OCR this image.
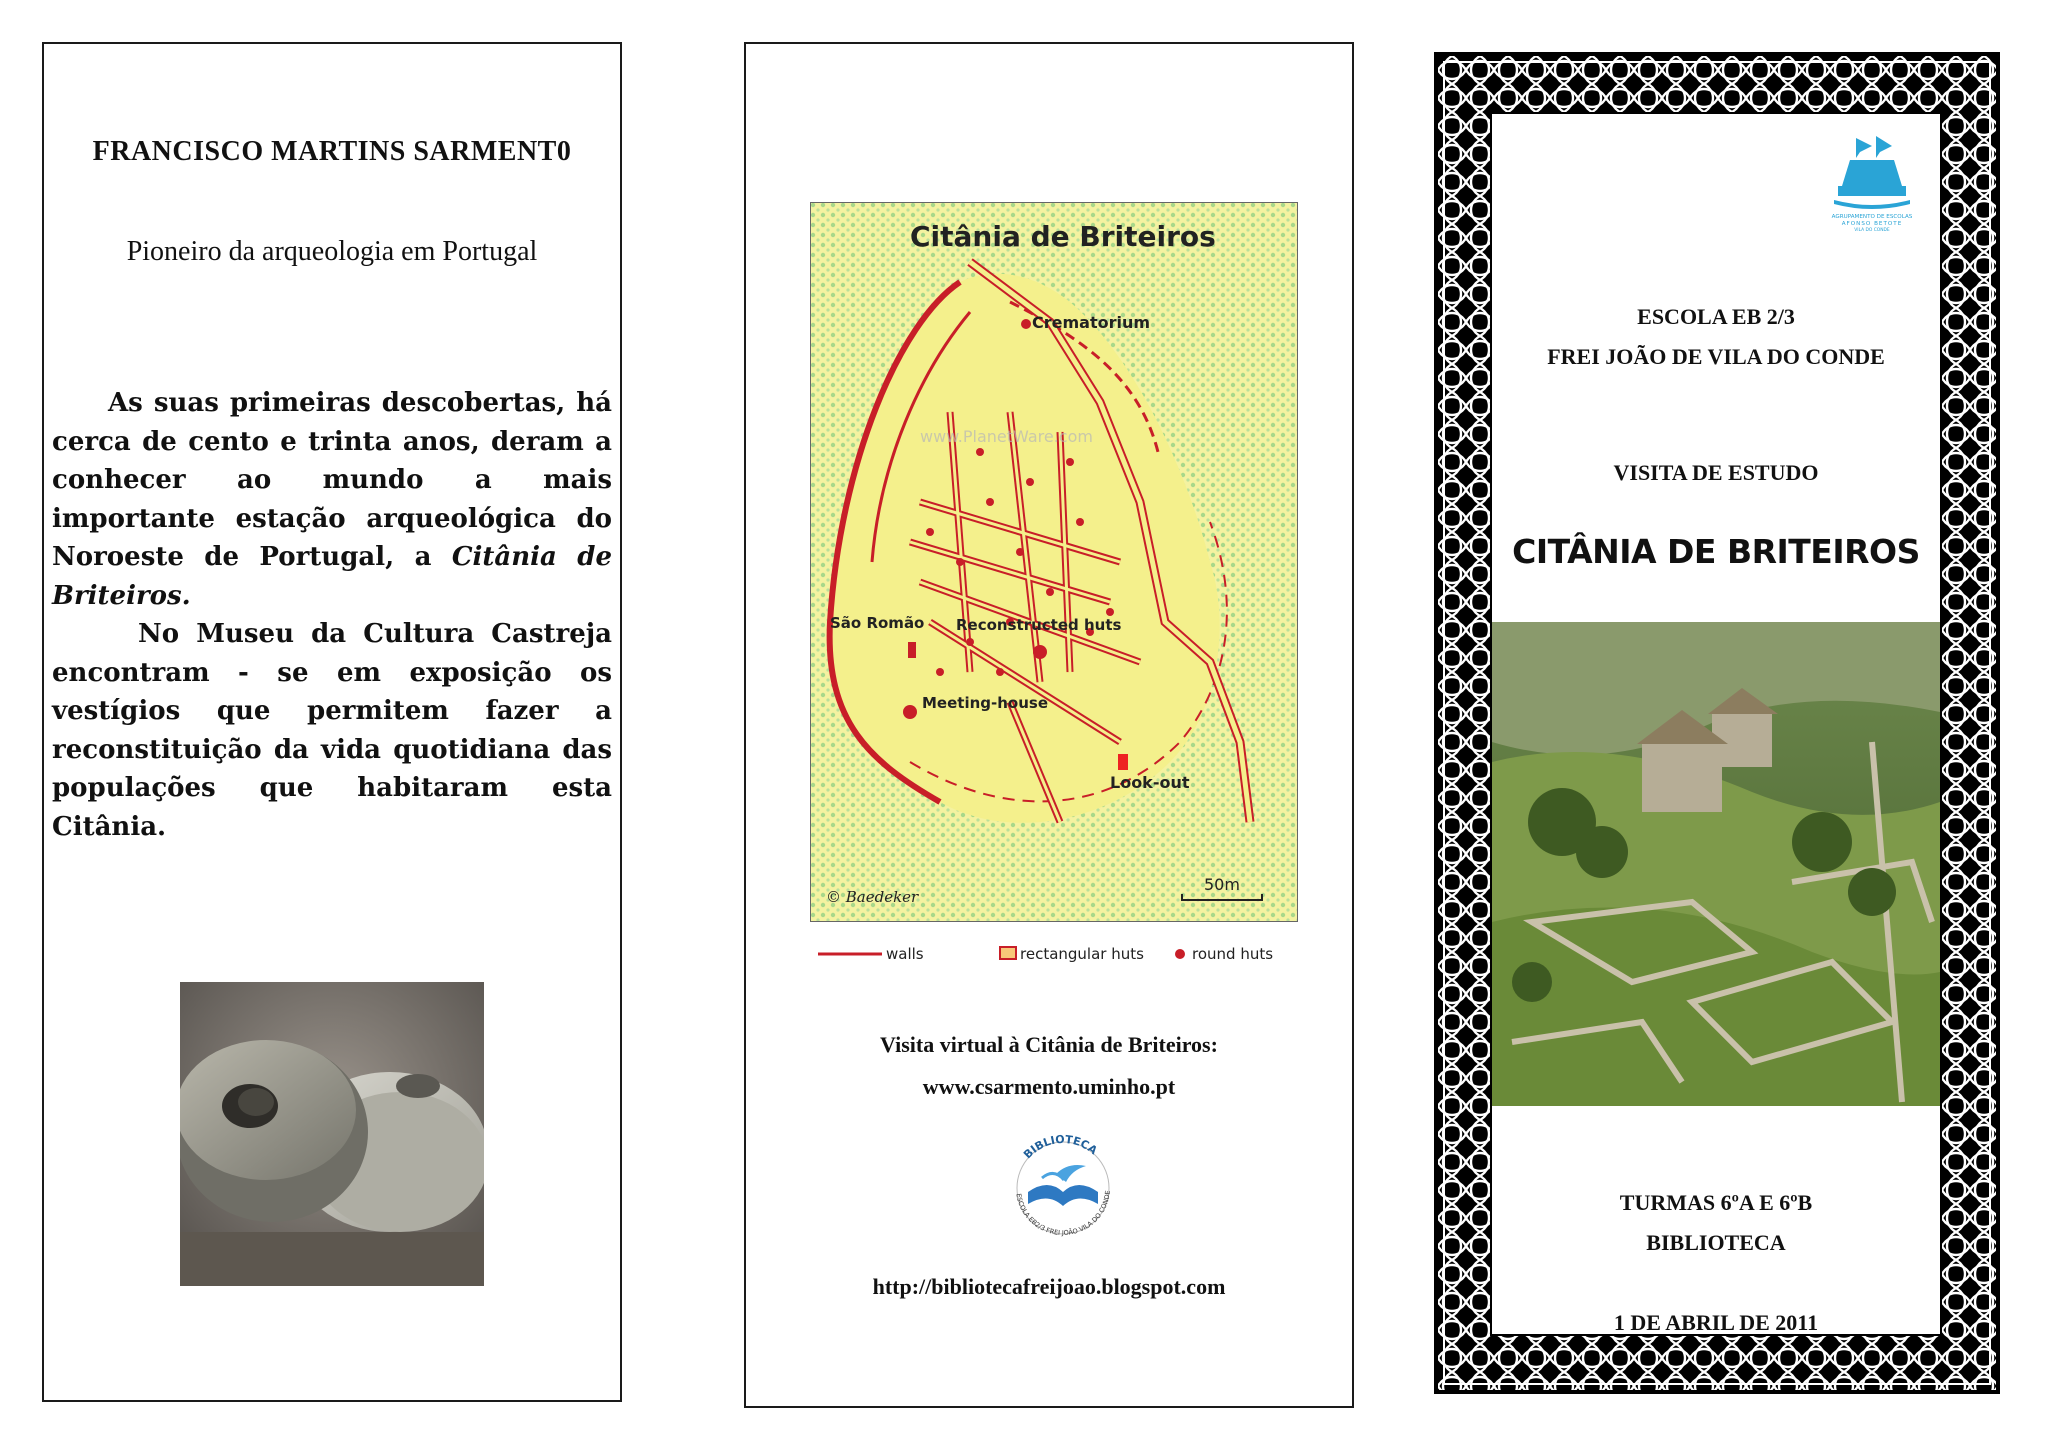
FRANCISCO MARTINS SARMENT0
Pioneiro da arqueologia em Portugal

As suas primeiras descobertas, há cerca de cento e trinta anos, deram a conhecer ao mundo a mais importante estação arqueológica do Noroeste de Portugal, a Citânia de Briteiros.

No Museu da Cultura Castreja encontram - se em exposição os vestígios que permitem fazer a reconstituição da vida quotidiana das populações que habitaram esta Citânia.

Citânia de Briteiros
Crematorium
São Romão Reconstructed huts
Meeting-house
Look-out
50m
© Baedeker
www.PlanetWare.com
walls	rectangular huts	round huts
Visita virtual à Citânia de Briteiros:
www.csarmento.uminho.pt
BIBLIOTECA
ESCOLA EB2/3 FREI JOÃO VILA DO CONDE
http://bibliotecafreijoao.blogspot.com
AGRUPAMENTO DE ESCOLAS
AFONSO BETOTE
VILA DO CONDE
ESCOLA EB 2/3
FREI JOÃO DE VILA DO CONDE
VISITA DE ESTUDO
CITÂNIA DE BRITEIROS
TURMAS 6ºA E 6ºB
BIBLIOTECA
1 DE ABRIL DE 2011
